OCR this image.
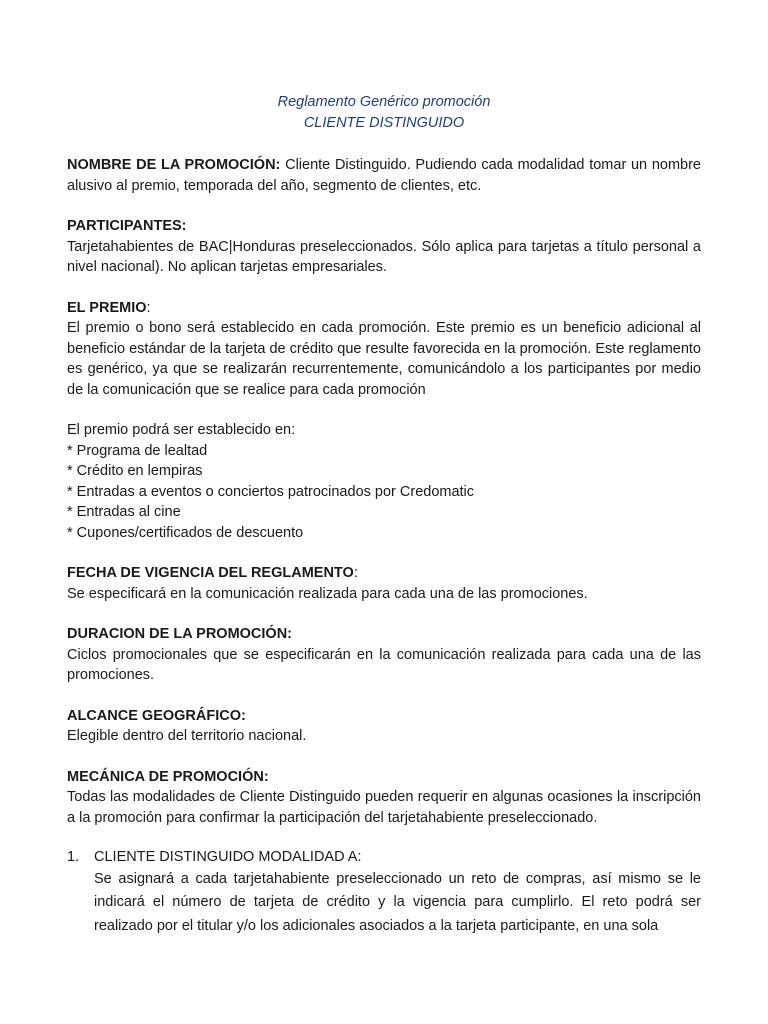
Reglamento Genérico promoción
CLIENTE DISTINGUIDO

NOMBRE DE LA PROMOCIÓN: Cliente Distinguido. Pudiendo cada modalidad tomar un nombre alusivo al premio, temporada del año, segmento de clientes, etc.

PARTICIPANTES:

Tarjetahabientes de BAC|Honduras preseleccionados. Sólo aplica para tarjetas a título personal a nivel nacional). No aplican tarjetas empresariales.

EL PREMIO:

El premio o bono será establecido en cada promoción. Este premio es un beneficio adicional al beneficio estándar de la tarjeta de crédito que resulte favorecida en la promoción. Este reglamento es genérico, ya que se realizarán recurrentemente, comunicándolo a los participantes por medio de la comunicación que se realice para cada promoción

El premio podrá ser establecido en:
* Programa de lealtad
* Crédito en lempiras
* Entradas a eventos o conciertos patrocinados por Credomatic
* Entradas al cine
* Cupones/certificados de descuento
FECHA DE VIGENCIA DEL REGLAMENTO:

Se especificará en la comunicación realizada para cada una de las promociones.

DURACION DE LA PROMOCIÓN:

Ciclos promocionales que se especificarán en la comunicación realizada para cada una de las promociones.

ALCANCE GEOGRÁFICO:

Elegible dentro del territorio nacional.

MECÁNICA DE PROMOCIÓN:

Todas las modalidades de Cliente Distinguido pueden requerir en algunas ocasiones la inscripción a la promoción para confirmar la participación del tarjetahabiente preseleccionado.

1.	CLIENTE DISTINGUIDO MODALIDAD A:

Se asignará a cada tarjetahabiente preseleccionado un reto de compras, así mismo se le indicará el número de tarjeta de crédito y la vigencia para cumplirlo. El reto podrá ser realizado por el titular y/o los adicionales asociados a la tarjeta participante, en una sola
